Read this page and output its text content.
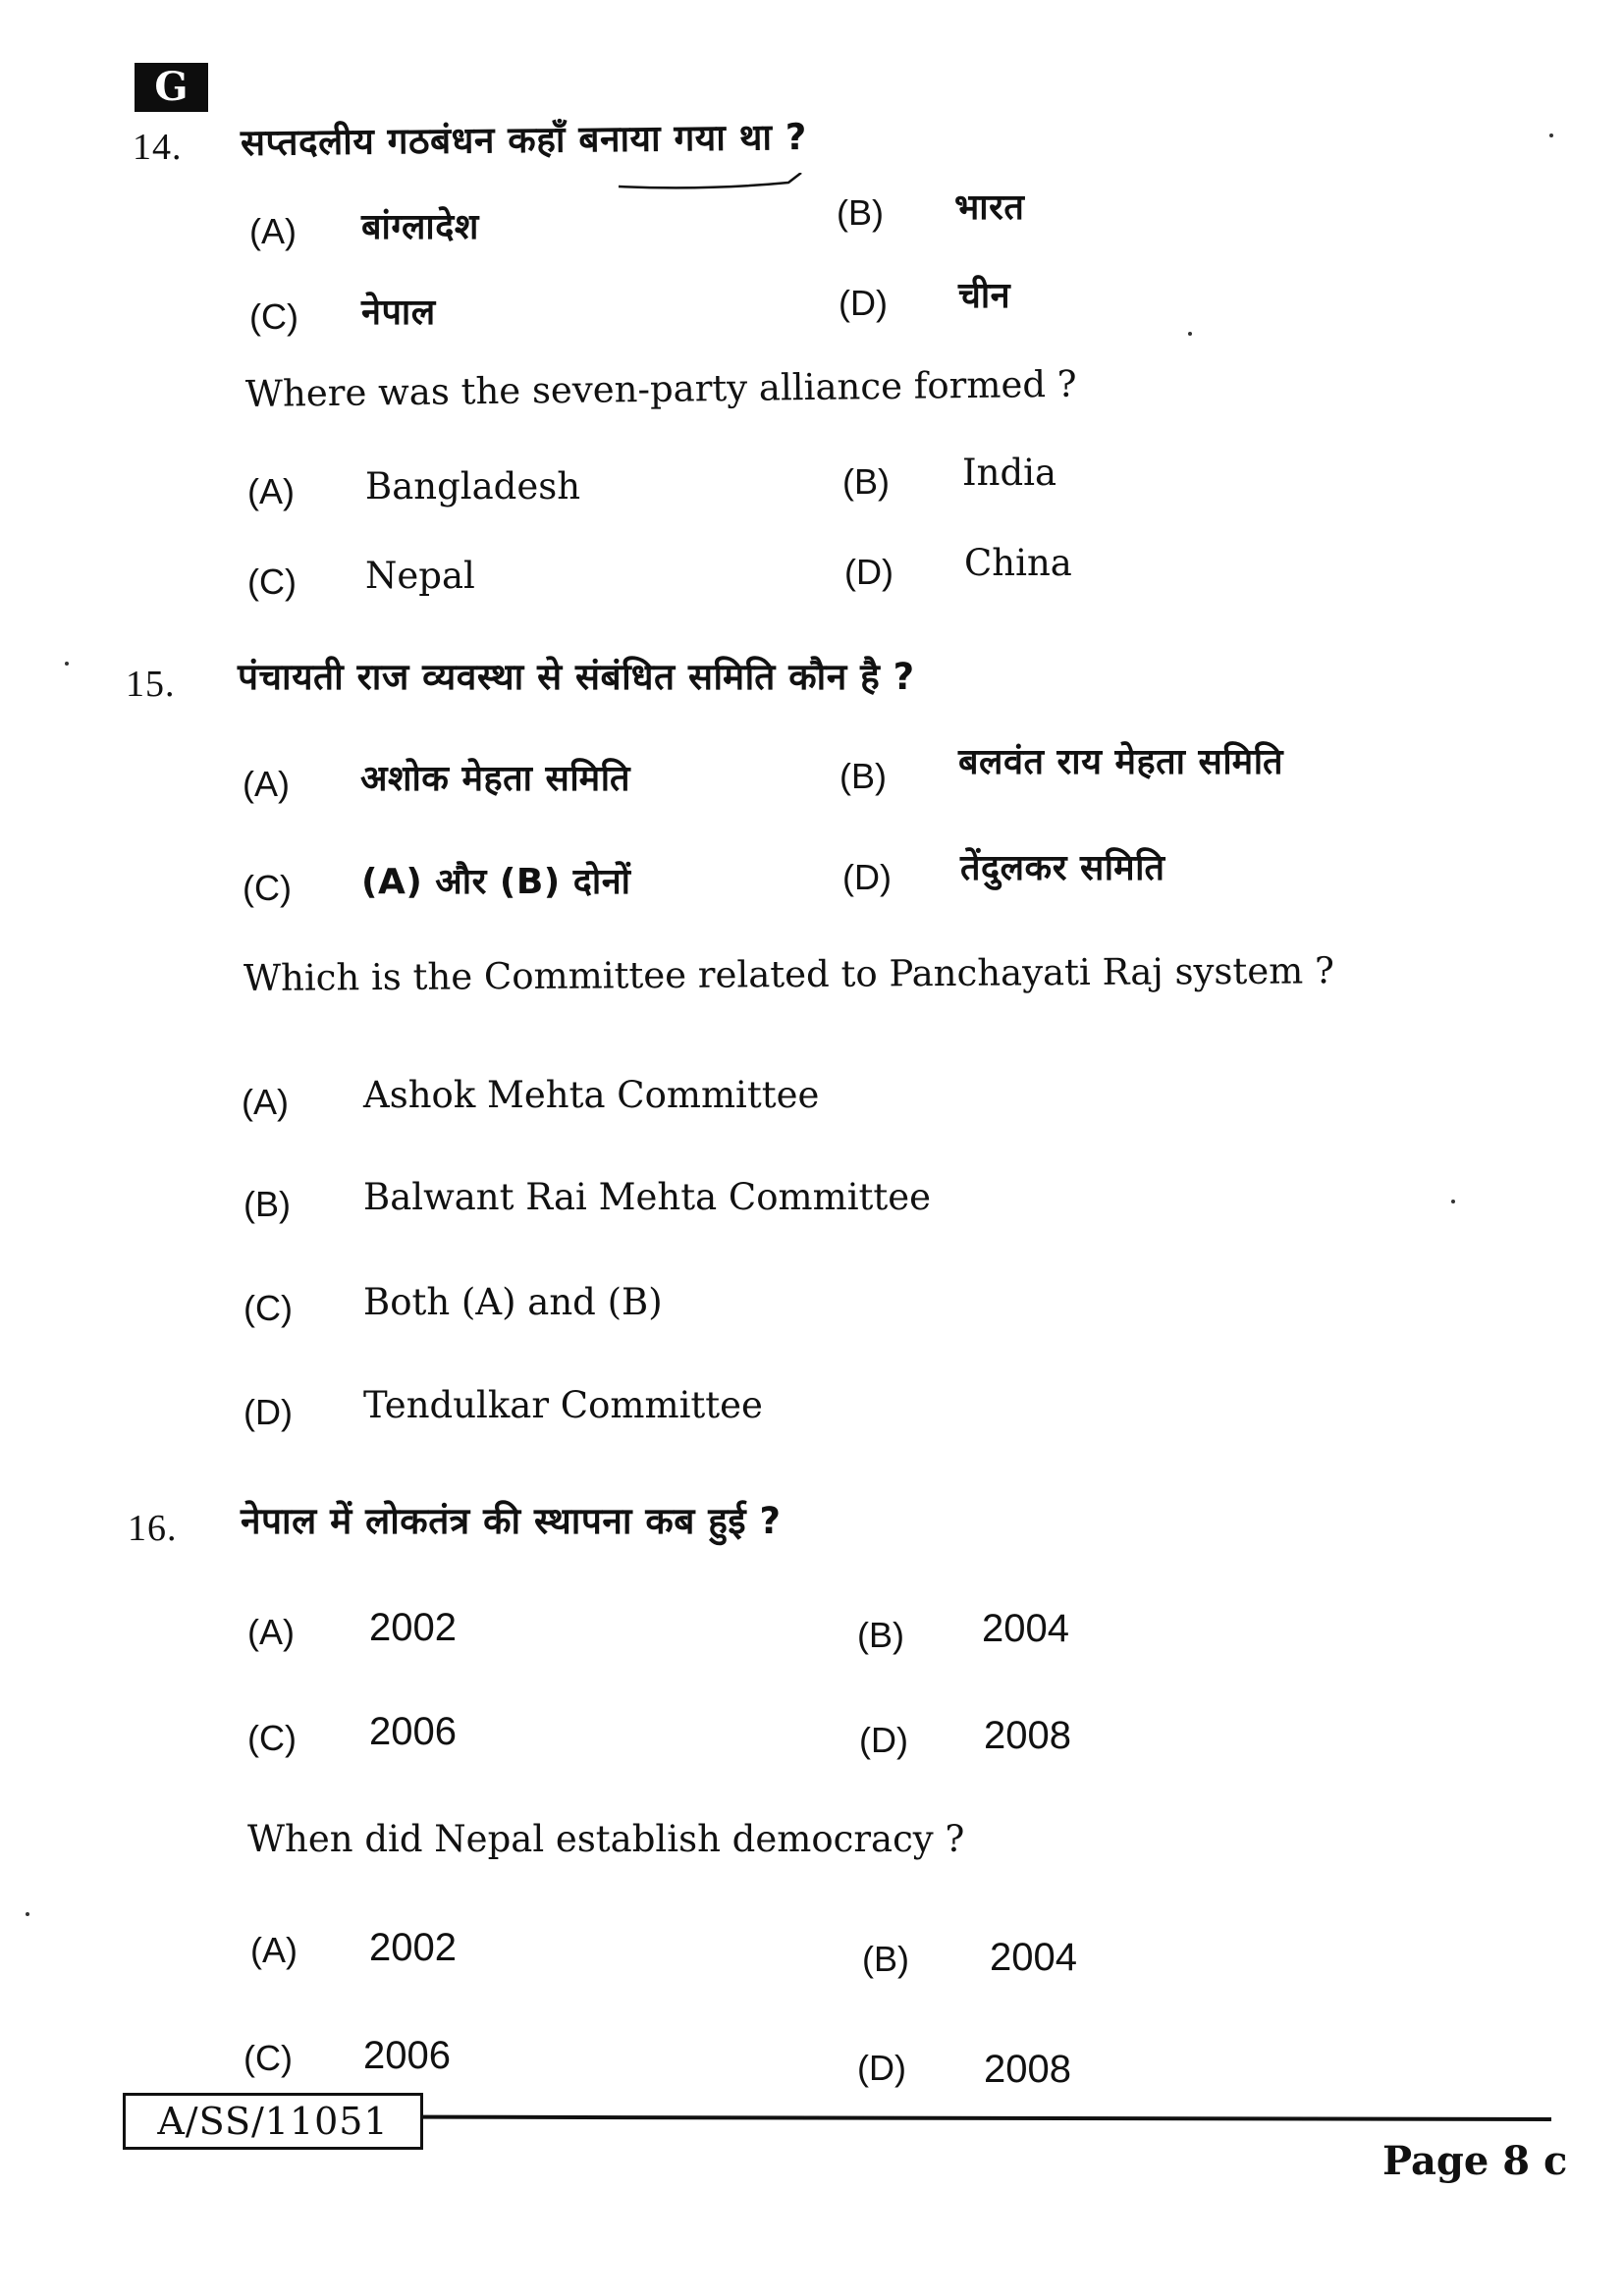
G
14. सप्तदलीय गठबंधन कहाँ बनाया गया था ?
(A) बांग्लादेश	(B) भारत
(C) नेपाल	(D) चीन
Where was the seven-party alliance formed ?
(A) Bangladesh	(B) India
(C) Nepal	(D) China
15. पंचायती राज व्यवस्था से संबंधित समिति कौन है ?
(A) अशोक मेहता समिति	(B) बलवंत राय मेहता समिति
(C) (A) और (B) दोनों	(D) तेंदुलकर समिति
Which is the Committee related to Panchayati Raj system ?
(A) Ashok Mehta Committee
(B) Balwant Rai Mehta Committee
(C) Both (A) and (B)
(D) Tendulkar Committee
16. नेपाल में लोकतंत्र की स्थापना कब हुई ?
(A) 2002	(B) 2004
(C) 2006	(D) 2008
When did Nepal establish democracy ?
(A) 2002	(B) 2004
(C) 2006	(D) 2008
A/SS/11051
Page 8 c
